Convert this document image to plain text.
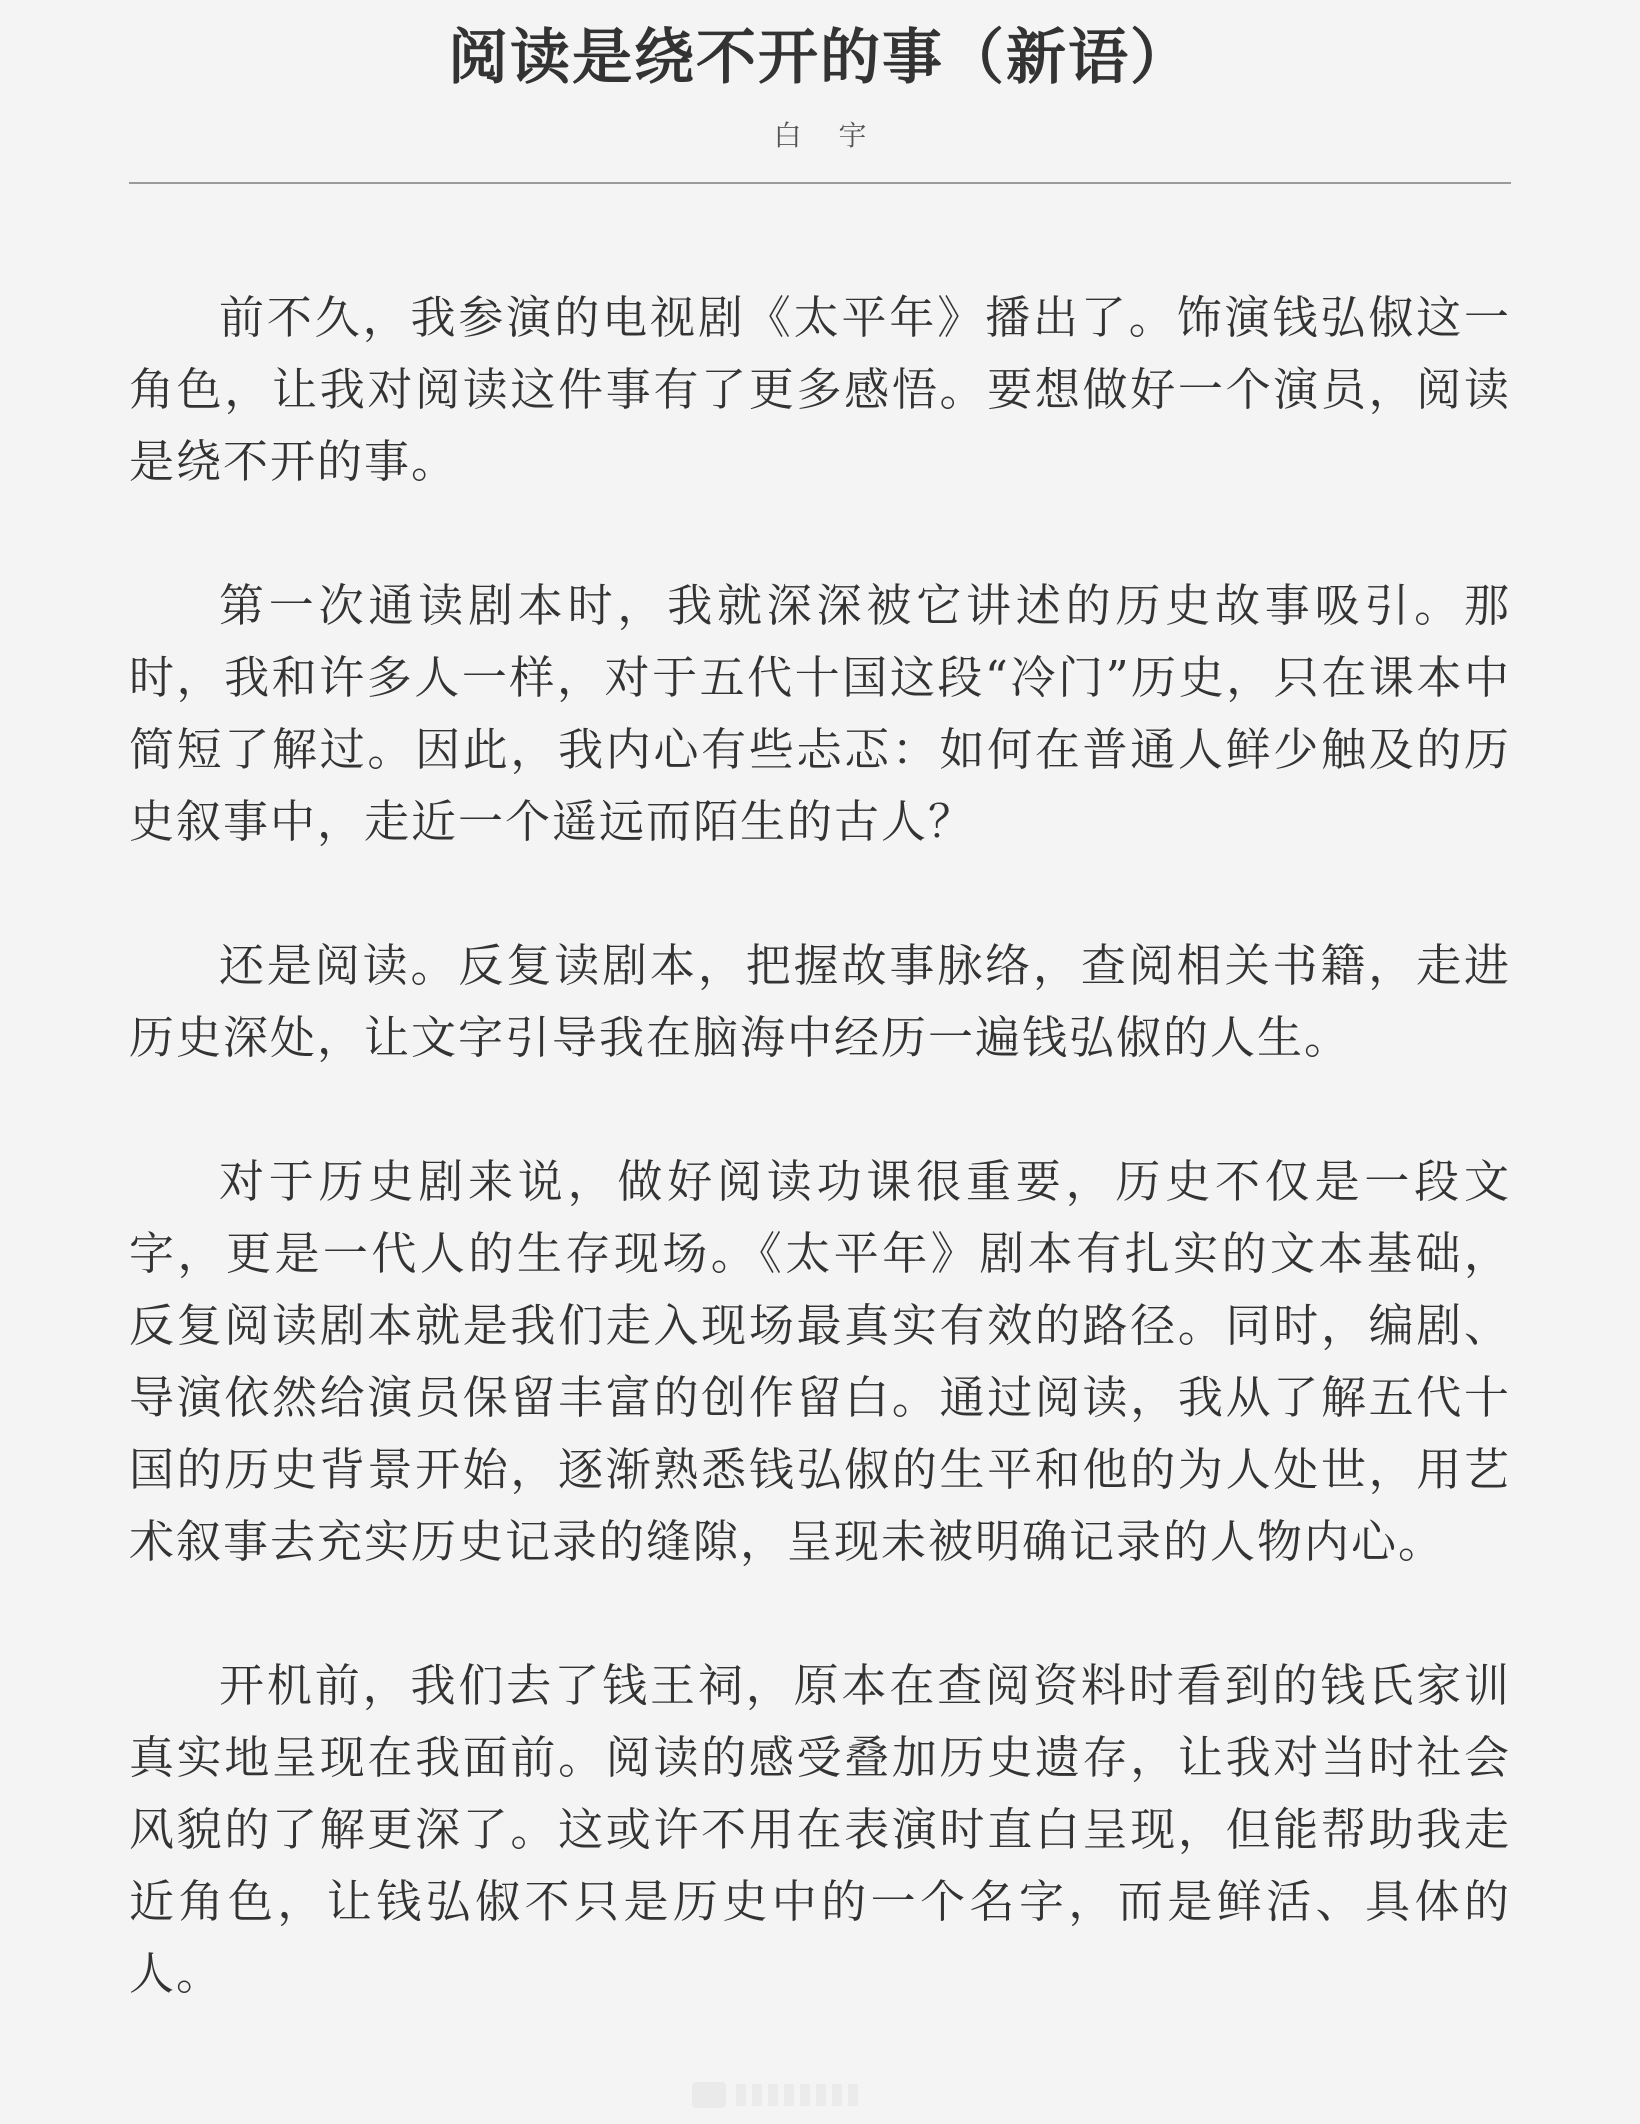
阅读是绕不开的事（新语）
白 宇

前不久，我参演的电视剧《太平年》播出了。饰演钱弘俶这一角色，让我对阅读这件事有了更多感悟。要想做好一个演员，阅读是绕不开的事。

第一次通读剧本时，我就深深被它讲述的历史故事吸引。那时，我和许多人一样，对于五代十国这段“冷门”历史，只在课本中简短了解过。因此，我内心有些忐忑：如何在普通人鲜少触及的历史叙事中，走近一个遥远而陌生的古人？

还是阅读。反复读剧本，把握故事脉络，查阅相关书籍，走进历史深处，让文字引导我在脑海中经历一遍钱弘俶的人生。

对于历史剧来说，做好阅读功课很重要，历史不仅是一段文字，更是一代人的生存现场。《太平年》剧本有扎实的文本基础，反复阅读剧本就是我们走入现场最真实有效的路径。同时，编剧、导演依然给演员保留丰富的创作留白。通过阅读，我从了解五代十国的历史背景开始，逐渐熟悉钱弘俶的生平和他的为人处世，用艺术叙事去充实历史记录的缝隙，呈现未被明确记录的人物内心。

开机前，我们去了钱王祠，原本在查阅资料时看到的钱氏家训真实地呈现在我面前。阅读的感受叠加历史遗存，让我对当时社会风貌的了解更深了。这或许不用在表演时直白呈现，但能帮助我走近角色，让钱弘俶不只是历史中的一个名字，而是鲜活、具体的人。
